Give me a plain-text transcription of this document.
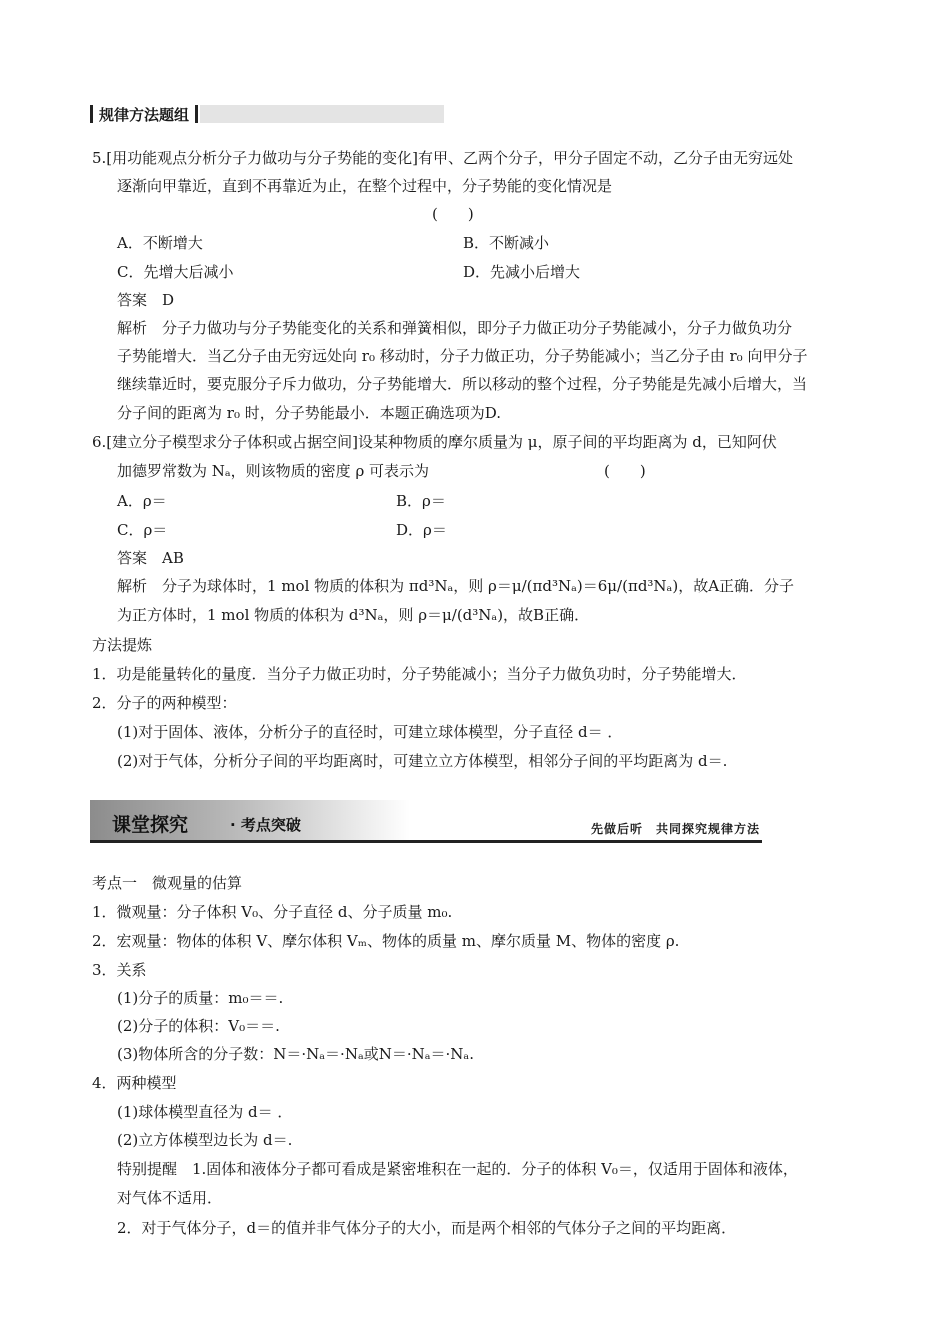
规律方法题组
5.[用功能观点分析分子力做功与分子势能的变化]有甲、乙两个分子，甲分子固定不动，乙分子由无穷远处
逐渐向甲靠近，直到不再靠近为止，在整个过程中，分子势能的变化情况是
(　　)
A．不断增大	B．不断减小
C．先增大后减小	D．先减小后增大
答案　D
解析　分子力做功与分子势能变化的关系和弹簧相似，即分子力做正功分子势能减小，分子力做负功分
子势能增大．当乙分子由无穷远处向 r₀ 移动时，分子力做正功，分子势能减小；当乙分子由 r₀ 向甲分子
继续靠近时，要克服分子斥力做功，分子势能增大．所以移动的整个过程，分子势能是先减小后增大，当
分子间的距离为 r₀ 时，分子势能最小．本题正确选项为D.
6.[建立分子模型求分子体积或占据空间]设某种物质的摩尔质量为 μ，原子间的平均距离为 d，已知阿伏
加德罗常数为 Nₐ，则该物质的密度 ρ 可表示为	(　　)
A．ρ＝	B．ρ＝
C．ρ＝	D．ρ＝
答案　AB
解析　分子为球体时，1 mol 物质的体积为 πd³Nₐ，则 ρ＝μ/(πd³Nₐ)＝6μ/(πd³Nₐ)，故A正确．分子
为正方体时，1 mol 物质的体积为 d³Nₐ，则 ρ＝μ/(d³Nₐ)，故B正确．
方法提炼
1．功是能量转化的量度．当分子力做正功时，分子势能减小；当分子力做负功时，分子势能增大．
2．分子的两种模型：
(1)对于固体、液体，分析分子的直径时，可建立球体模型，分子直径 d＝ ．
(2)对于气体，分析分子间的平均距离时，可建立立方体模型，相邻分子间的平均距离为 d＝.
课堂探究	· 考点突破	先做后听　共同探究规律方法
考点一　微观量的估算
1．微观量：分子体积 V₀、分子直径 d、分子质量 m₀.
2．宏观量：物体的体积 V、摩尔体积 Vₘ、物体的质量 m、摩尔质量 M、物体的密度 ρ.
3．关系
(1)分子的质量：m₀＝＝.
(2)分子的体积：V₀＝＝.
(3)物体所含的分子数：N＝·Nₐ＝·Nₐ或N＝·Nₐ＝·Nₐ.
4．两种模型
(1)球体模型直径为 d＝ ．
(2)立方体模型边长为 d＝.
特别提醒　1.固体和液体分子都可看成是紧密堆积在一起的．分子的体积 V₀＝，仅适用于固体和液体，
对气体不适用．
2．对于气体分子，d＝的值并非气体分子的大小，而是两个相邻的气体分子之间的平均距离．
